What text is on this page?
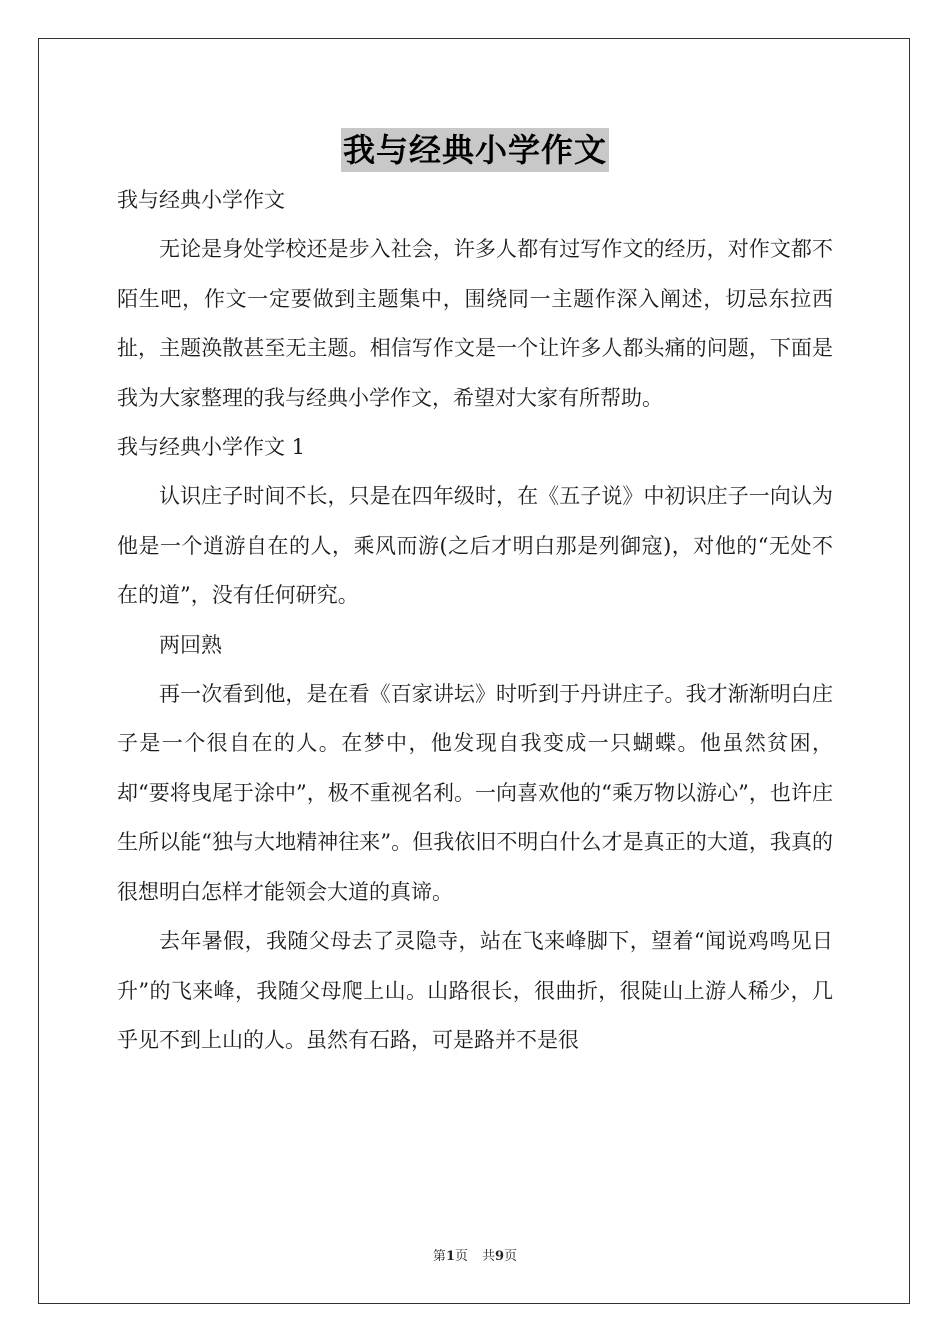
我与经典小学作文

我与经典小学作文

无论是身处学校还是步入社会，许多人都有过写作文的经历，对作文都不陌生吧，作文一定要做到主题集中，围绕同一主题作深入阐述，切忌东拉西扯，主题涣散甚至无主题。相信写作文是一个让许多人都头痛的问题，下面是我为大家整理的我与经典小学作文，希望对大家有所帮助。

我与经典小学作文 1

认识庄子时间不长，只是在四年级时，在《五子说》中初识庄子一向认为他是一个逍游自在的人，乘风而游(之后才明白那是列御寇)，对他的“无处不在的道”，没有任何研究。

两回熟

再一次看到他，是在看《百家讲坛》时听到于丹讲庄子。我才渐渐明白庄子是一个很自在的人。在梦中，他发现自我变成一只蝴蝶。他虽然贫困，却“要将曳尾于涂中”，极不重视名利。一向喜欢他的“乘万物以游心”，也许庄生所以能“独与大地精神往来”。但我依旧不明白什么才是真正的大道，我真的很想明白怎样才能领会大道的真谛。

去年暑假，我随父母去了灵隐寺，站在飞来峰脚下，望着“闻说鸡鸣见日升”的飞来峰，我随父母爬上山。山路很长，很曲折，很陡山上游人稀少，几乎见不到上山的人。虽然有石路，可是路并不是很

第1页 共9页
